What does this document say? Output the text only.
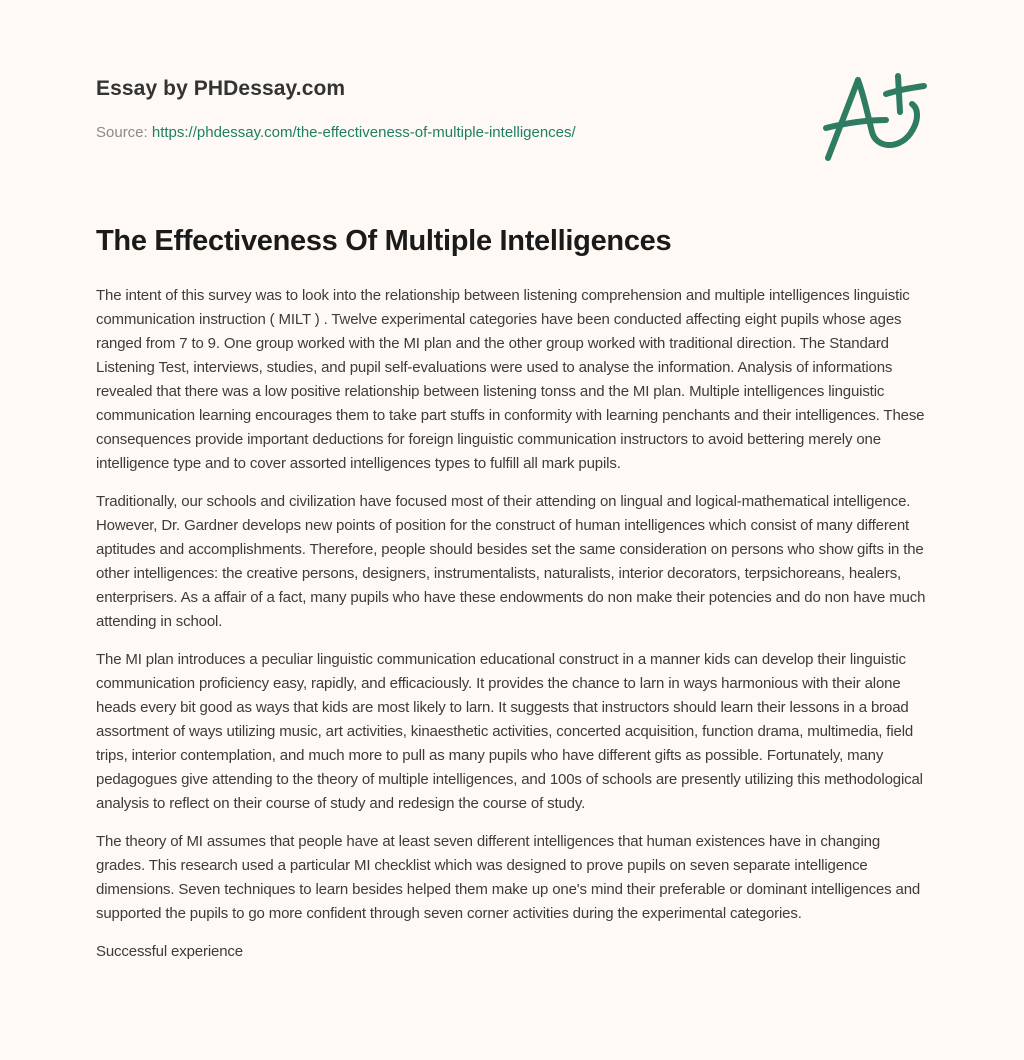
Essay by PHDessay.com
Source: https://phdessay.com/the-effectiveness-of-multiple-intelligences/
The Effectiveness Of Multiple Intelligences

The intent of this survey was to look into the relationship between listening comprehension and multiple intelligences linguistic communication instruction ( MILT ) . Twelve experimental categories have been conducted affecting eight pupils whose ages ranged from 7 to 9. One group worked with the MI plan and the other group worked with traditional direction. The Standard Listening Test, interviews, studies, and pupil self-evaluations were used to analyse the information. Analysis of informations revealed that there was a low positive relationship between listening tonss and the MI plan. Multiple intelligences linguistic communication learning encourages them to take part stuffs in conformity with learning penchants and their intelligences. These consequences provide important deductions for foreign linguistic communication instructors to avoid bettering merely one intelligence type and to cover assorted intelligences types to fulfill all mark pupils.

Traditionally, our schools and civilization have focused most of their attending on lingual and logical-mathematical intelligence. However, Dr. Gardner develops new points of position for the construct of human intelligences which consist of many different aptitudes and accomplishments. Therefore, people should besides set the same consideration on persons who show gifts in the other intelligences: the creative persons, designers, instrumentalists, naturalists, interior decorators, terpsichoreans, healers, enterprisers. As a affair of a fact, many pupils who have these endowments do non make their potencies and do non have much attending in school.

The MI plan introduces a peculiar linguistic communication educational construct in a manner kids can develop their linguistic communication proficiency easy, rapidly, and efficaciously. It provides the chance to larn in ways harmonious with their alone heads every bit good as ways that kids are most likely to larn. It suggests that instructors should learn their lessons in a broad assortment of ways utilizing music, art activities, kinaesthetic activities, concerted acquisition, function drama, multimedia, field trips, interior contemplation, and much more to pull as many pupils who have different gifts as possible. Fortunately, many pedagogues give attending to the theory of multiple intelligences, and 100s of schools are presently utilizing this methodological analysis to reflect on their course of study and redesign the course of study.

The theory of MI assumes that people have at least seven different intelligences that human existences have in changing grades. This research used a particular MI checklist which was designed to prove pupils on seven separate intelligence dimensions. Seven techniques to learn besides helped them make up one's mind their preferable or dominant intelligences and supported the pupils to go more confident through seven corner activities during the experimental categories.

Successful experience
